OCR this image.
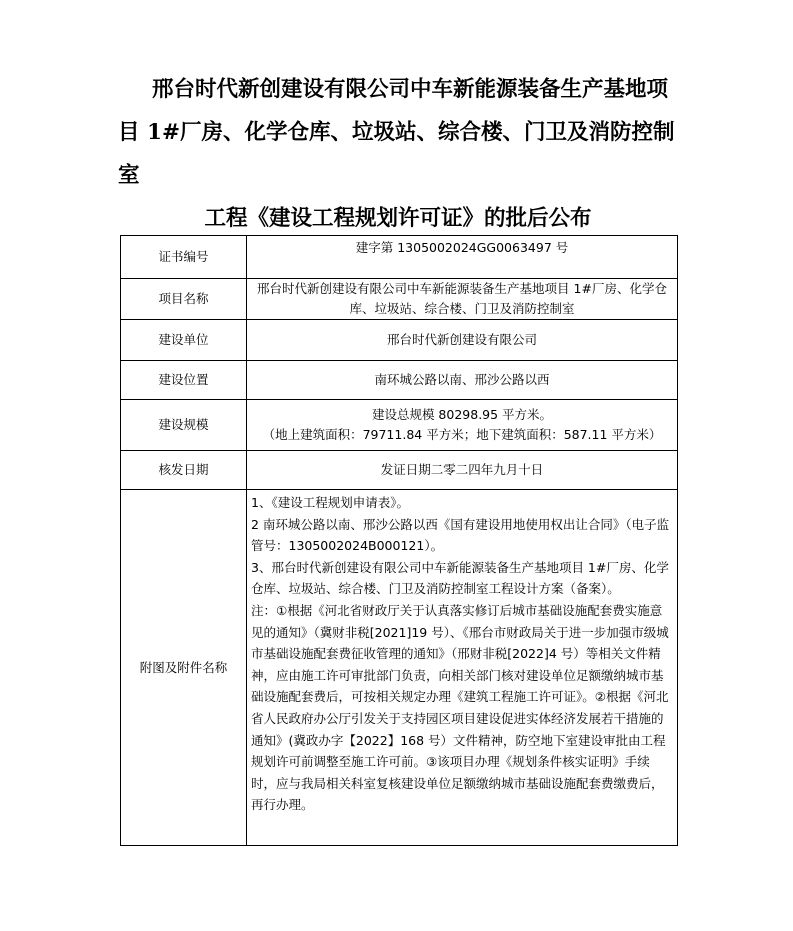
邢台时代新创建设有限公司中车新能源装备生产基地项
目 1#厂房、化学仓库、垃圾站、综合楼、门卫及消防控制室
工程《建设工程规划许可证》的批后公布
证书编号	建字第 1305002024GG0063497 号
项目名称	邢台时代新创建设有限公司中车新能源装备生产基地项目 1#厂房、化学仓库、垃圾站、综合楼、门卫及消防控制室
建设单位	邢台时代新创建设有限公司
建设位置	南环城公路以南、邢沙公路以西
建设规模	建设总规模 80298.95 平方米。
（地上建筑面积：79711.84 平方米；地下建筑面积：587.11 平方米）

核发日期	发证日期二零二四年九月十日
附图及附件名称	1、《建设工程规划申请表》。
2 南环城公路以南、邢沙公路以西《国有建设用地使用权出让合同》（电子监管号：1305002024B000121）。
3、邢台时代新创建设有限公司中车新能源装备生产基地项目 1#厂房、化学仓库、垃圾站、综合楼、门卫及消防控制室工程设计方案（备案）。
注：①根据《河北省财政厅关于认真落实修订后城市基础设施配套费实施意见的通知》（冀财非税[2021]19 号）、《邢台市财政局关于进一步加强市级城市基础设施配套费征收管理的通知》（邢财非税[2022]4 号）等相关文件精神，应由施工许可审批部门负责，向相关部门核对建设单位足额缴纳城市基础设施配套费后，可按相关规定办理《建筑工程施工许可证》。②根据《河北省人民政府办公厅引发关于支持园区项目建设促进实体经济发展若干措施的通知》(冀政办字【2022】168 号）文件精神，防空地下室建设审批由工程规划许可前调整至施工许可前。③该项目办理《规划条件核实证明》手续时，应与我局相关科室复核建设单位足额缴纳城市基础设施配套费缴费后，再行办理。
